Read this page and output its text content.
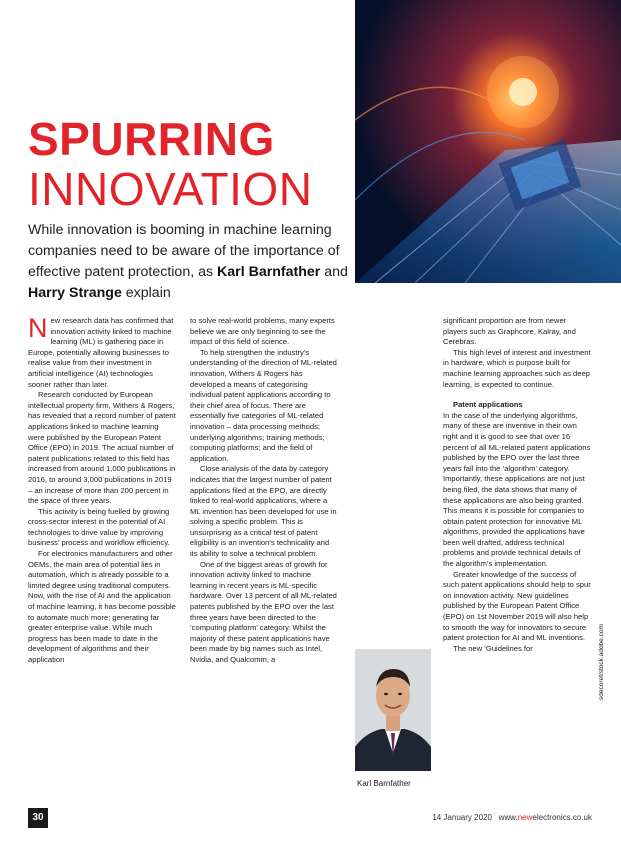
SPURRING
INNOVATION
While innovation is booming in machine learning companies need to be aware of the importance of effective patent protection, as Karl Barnfather and Harry Strange explain

New research data has confirmed that innovation activity linked to machine learning (ML) is gathering pace in Europe, potentially allowing businesses to realise value from their investment in artificial intelligence (AI) technologies sooner rather than later.

Research conducted by European intellectual property firm, Withers & Rogers, has revealed that a record number of patent applications linked to machine learning were published by the European Patent Office (EPO) in 2019. The actual number of patent publications related to this field has increased from around 1,000 publications in 2016, to around 3,000 publications in 2019 – an increase of more than 200 percent in the space of three years.

This activity is being fuelled by growing cross-sector interest in the potential of AI technologies to drive value by improving business’ process and workflow efficiency.

For electronics manufacturers and other OEMs, the main area of potential lies in automation, which is already possible to a limited degree using traditional computers. Now, with the rise of AI and the application of machine learning, it has become possible to automate much more; generating far greater enterprise value. While much progress has been made to date in the development of algorithms and their application

to solve real-world problems, many experts believe we are only beginning to see the impact of this field of science.

To help strengthen the industry’s understanding of the direction of ML-related innovation, Withers & Rogers has developed a means of categorising individual patent applications according to their chief area of focus. There are essentially five categories of ML-related innovation – data processing methods; underlying algorithms; training methods; computing platforms; and the field of application.

Close analysis of the data by category indicates that the largest number of patent applications filed at the EPO, are directly linked to real-world applications, where a ML invention has been developed for use in solving a specific problem. This is unsurprising as a critical test of patent eligibility is an invention’s technicality and its ability to solve a technical problem.

One of the biggest areas of growth for innovation activity linked to machine learning in recent years is ML-specific hardware. Over 13 percent of all ML-related patents published by the EPO over the last three years have been directed to the ‘computing platform’ category. Whilst the majority of these patent applications have been made by big names such as Intel, Nvidia, and Qualcomm, a

significant proportion are from newer players such as Graphcore, Kalray, and Cerebras.

This high level of interest and investment in hardware, which is purpose built for machine learning approaches such as deep learning, is expected to continue.

Patent applications

In the case of the underlying algorithms, many of these are inventive in their own right and it is good to see that over 16 percent of all ML-related patent applications published by the EPO over the last three years fall into the ‘algorithm’ category. Importantly, these applications are not just being filed, the data shows that many of these applications are also being granted. This means it is possible for companies to obtain patent protection for innovative ML algorithms, provided the applications have been well drafted, address technical problems and provide technical details of the algorithm’s implementation.

Greater knowledge of the success of such patent applications should help to spur on innovation activity. New guidelines published by the European Patent Office (EPO) on 1st November 2019 will also help to smooth the way for innovators to secure patent protection for AI and ML inventions.

The new ‘Guidelines for

Karl Barnfather
sdecoret/stock.adobe.com
30	14 January 2020 www.newelectronics.co.uk
